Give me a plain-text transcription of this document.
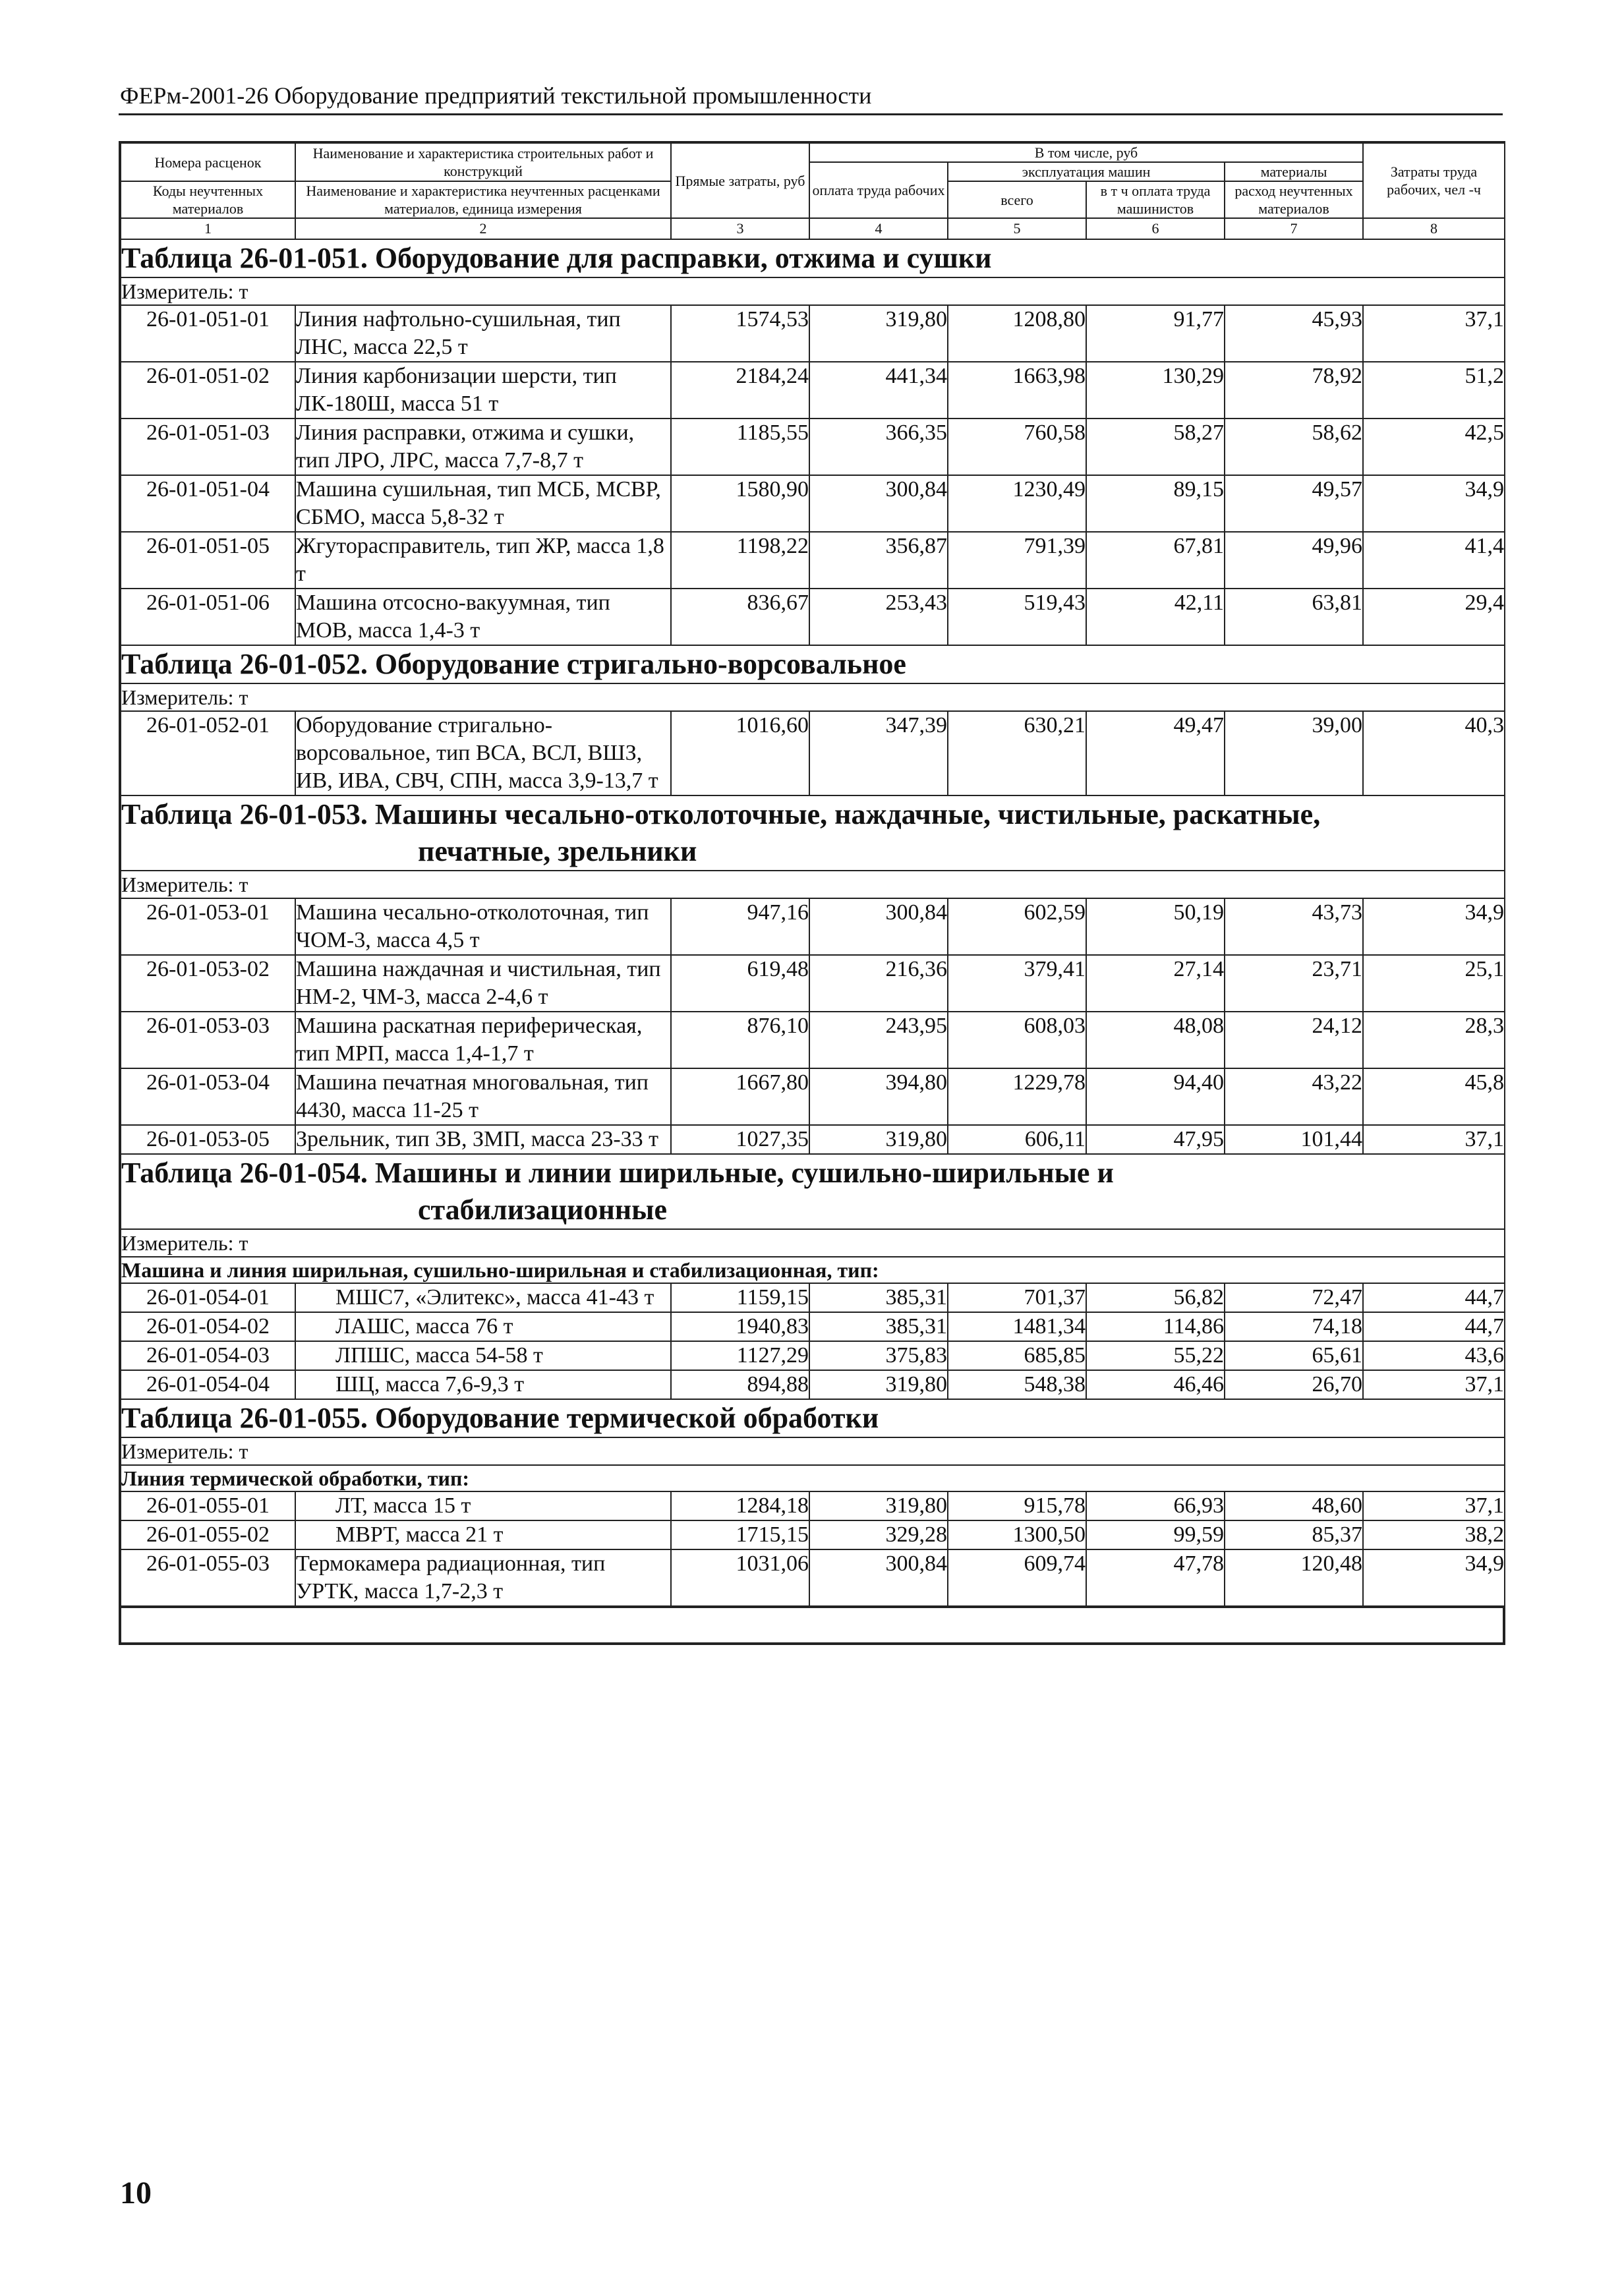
ФЕРм-2001-26 Оборудование предприятий текстильной промышленности
Номера расценок	Наименование и характеристика строительных работ и конструкций	Прямые затраты, руб	В том числе, руб				Затраты труда рабочих, чел -ч
			оплата труда рабочих	эксплуатация машин		материалы	
Коды неучтенных материалов	Наименование и характеристика неучтенных расценками материалов, единица измерения			всего	в т ч оплата труда машинистов	расход неучтенных материалов	

1	2	3	4	5	6	7	8
Таблица 26-01-051. Оборудование для расправки, отжима и сушки							
Измеритель: т							
26-01-051-01	Линия нафтольно-сушильная, тип ЛНС, масса 22,5 т	1574,53	319,80	1208,80	91,77	45,93	37,1
26-01-051-02	Линия карбонизации шерсти, тип ЛК-180Ш, масса 51 т	2184,24	441,34	1663,98	130,29	78,92	51,2
26-01-051-03	Линия расправки, отжима и сушки, тип ЛРО, ЛРС, масса 7,7-8,7 т	1185,55	366,35	760,58	58,27	58,62	42,5
26-01-051-04	Машина сушильная, тип МСБ, МСВР, СБМО, масса 5,8-32 т	1580,90	300,84	1230,49	89,15	49,57	34,9
26-01-051-05	Жгутораспрaвитель, тип ЖР, масса 1,8 т	1198,22	356,87	791,39	67,81	49,96	41,4
26-01-051-06	Машина отсосно-вакуумная, тип МОВ, масса 1,4-3 т	836,67	253,43	519,43	42,11	63,81	29,4
Таблица 26-01-052. Оборудование стригально-ворсовальное							
Измеритель: т							
26-01-052-01	Оборудование стригально-ворсовальное, тип ВСА, ВСЛ, ВШЗ, ИВ, ИВА, СВЧ, СПН, масса 3,9-13,7 т	1016,60	347,39	630,21	49,47	39,00	40,3
Таблица 26-01-053. Машины чесально-отколоточные, наждачные, чистильные, раскатные,
печатные, зрельники							

Измеритель: т							
26-01-053-01	Машина чесально-отколоточная, тип ЧОМ-3, масса 4,5 т	947,16	300,84	602,59	50,19	43,73	34,9
26-01-053-02	Машина наждачная и чистильная, тип НМ-2, ЧМ-3, масса 2-4,6 т	619,48	216,36	379,41	27,14	23,71	25,1
26-01-053-03	Машина раскатная периферическая, тип МРП, масса 1,4-1,7 т	876,10	243,95	608,03	48,08	24,12	28,3
26-01-053-04	Машина печатная многовальная, тип 4430, масса 11-25 т	1667,80	394,80	1229,78	94,40	43,22	45,8
26-01-053-05	Зрельник, тип ЗВ, ЗМП, масса 23-33 т	1027,35	319,80	606,11	47,95	101,44	37,1
Таблица 26-01-054. Машины и линии ширильные, сушильно-ширильные и
стабилизационные							

Измеритель: т							
Машина и линия ширильная, сушильно-ширильная и стабилизационная, тип:							
26-01-054-01	МШС7, «Элитекс», масса 41-43 т	1159,15	385,31	701,37	56,82	72,47	44,7
26-01-054-02	ЛАШС, масса 76 т	1940,83	385,31	1481,34	114,86	74,18	44,7
26-01-054-03	ЛПШС, масса 54-58 т	1127,29	375,83	685,85	55,22	65,61	43,6
26-01-054-04	ШЦ, масса 7,6-9,3 т	894,88	319,80	548,38	46,46	26,70	37,1
Таблица 26-01-055. Оборудование термической обработки							
Измеритель: т							
Линия термической обработки, тип:							
26-01-055-01	ЛТ, масса 15 т	1284,18	319,80	915,78	66,93	48,60	37,1
26-01-055-02	МВРТ, масса 21 т	1715,15	329,28	1300,50	99,59	85,37	38,2
26-01-055-03	Термокамера радиационная, тип УРТК, масса 1,7-2,3 т	1031,06	300,84	609,74	47,78	120,48	34,9
10
